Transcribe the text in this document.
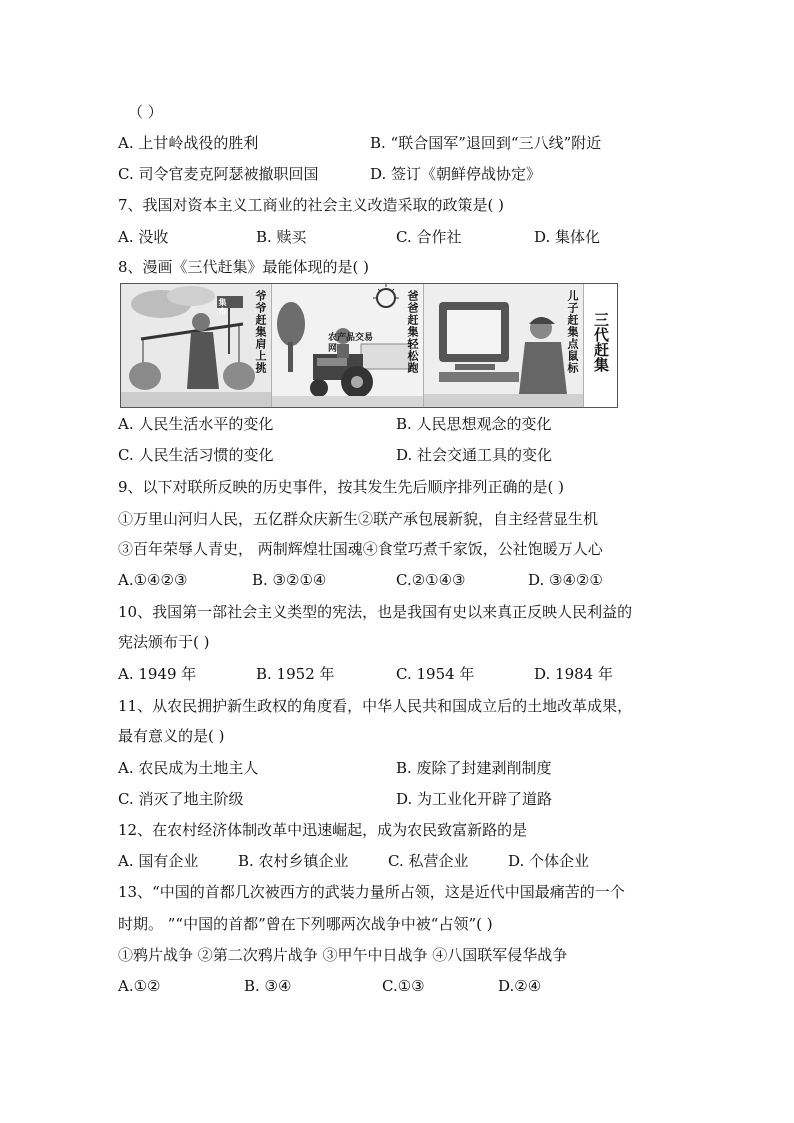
（ ）
A. 上甘岭战役的胜利	B. “联合国军”退回到“三八线”附近
C. 司令官麦克阿瑟被撤职回国	D. 签订《朝鲜停战协定》
7、我国对资本主义工商业的社会主义改造采取的政策是( )
A. 没收	B. 赎买	C. 合作社	D. 集体化
8、漫画《三代赶集》最能体现的是( )
爷爷赶集肩上挑
集市	爸爸赶集轻松跑
农产品交易网	儿子赶集点鼠标 三代赶集
A. 人民生活水平的变化	B. 人民思想观念的变化
C. 人民生活习惯的变化	D. 社会交通工具的变化
9、以下对联所反映的历史事件，按其发生先后顺序排列正确的是( )
①万里山河归人民，五亿群众庆新生②联产承包展新貌，自主经营显生机
③百年荣辱人青史， 两制辉煌壮国魂④食堂巧煮千家饭，公社饱暖万人心
A.①④②③	B. ③②①④	C.②①④③	D. ③④②①
10、我国第一部社会主义类型的宪法，也是我国有史以来真正反映人民利益的
宪法颁布于( )
A. 1949 年	B. 1952 年	C. 1954 年	D. 1984 年
11、从农民拥护新生政权的角度看，中华人民共和国成立后的土地改革成果，
最有意义的是( )
A. 农民成为土地主人	B. 废除了封建剥削制度
C. 消灭了地主阶级	D. 为工业化开辟了道路
12、在农村经济体制改革中迅速崛起，成为农民致富新路的是
A. 国有企业	B. 农村乡镇企业	C. 私营企业	D. 个体企业
13、“中国的首都几次被西方的武装力量所占领，这是近代中国最痛苦的一个
时期。 ”“中国的首都”曾在下列哪两次战争中被“占领”( )
①鸦片战争 ②第二次鸦片战争 ③甲午中日战争 ④八国联军侵华战争
A.①②	B. ③④	C.①③	D.②④
